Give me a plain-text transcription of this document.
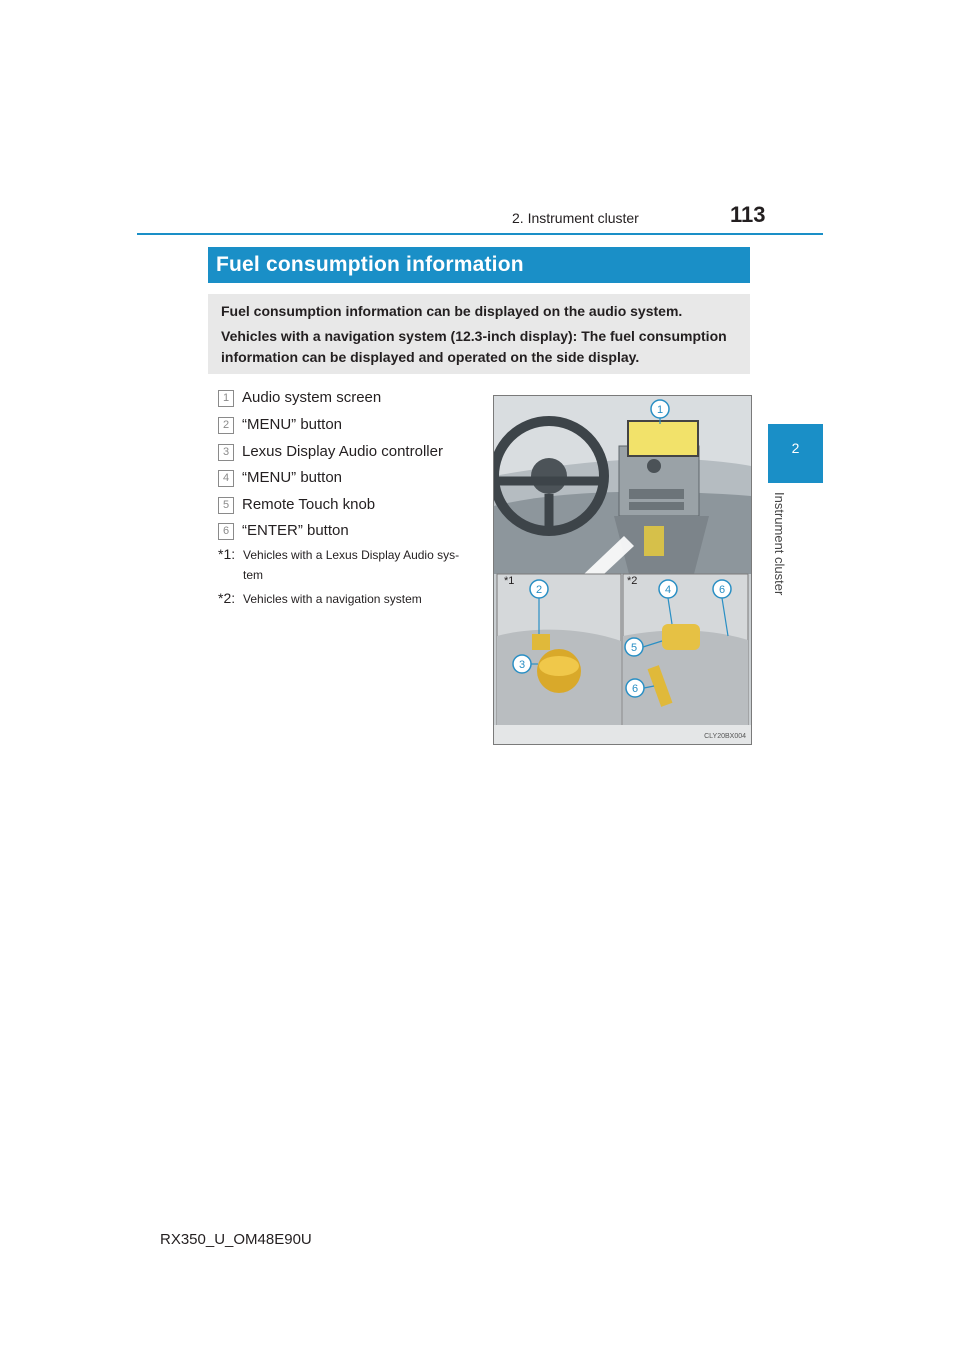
2. Instrument cluster	113
2
Instrument cluster
Fuel consumption information
Fuel consumption information can be displayed on the audio system.
Vehicles with a navigation system (12.3-inch display): The fuel consumption
information can be displayed and operated on the side display.
1 Audio system screen
2 “MENU” button
3 Lexus Display Audio controller
4 “MENU” button
5 Remote Touch knob
6 “ENTER” button
*1: Vehicles with a Lexus Display Audio sys-
tem
*2: Vehicles with a navigation system
1
*1
2
3
*2
4
5
6
6
CLY20BX004
RX350_U_OM48E90U
